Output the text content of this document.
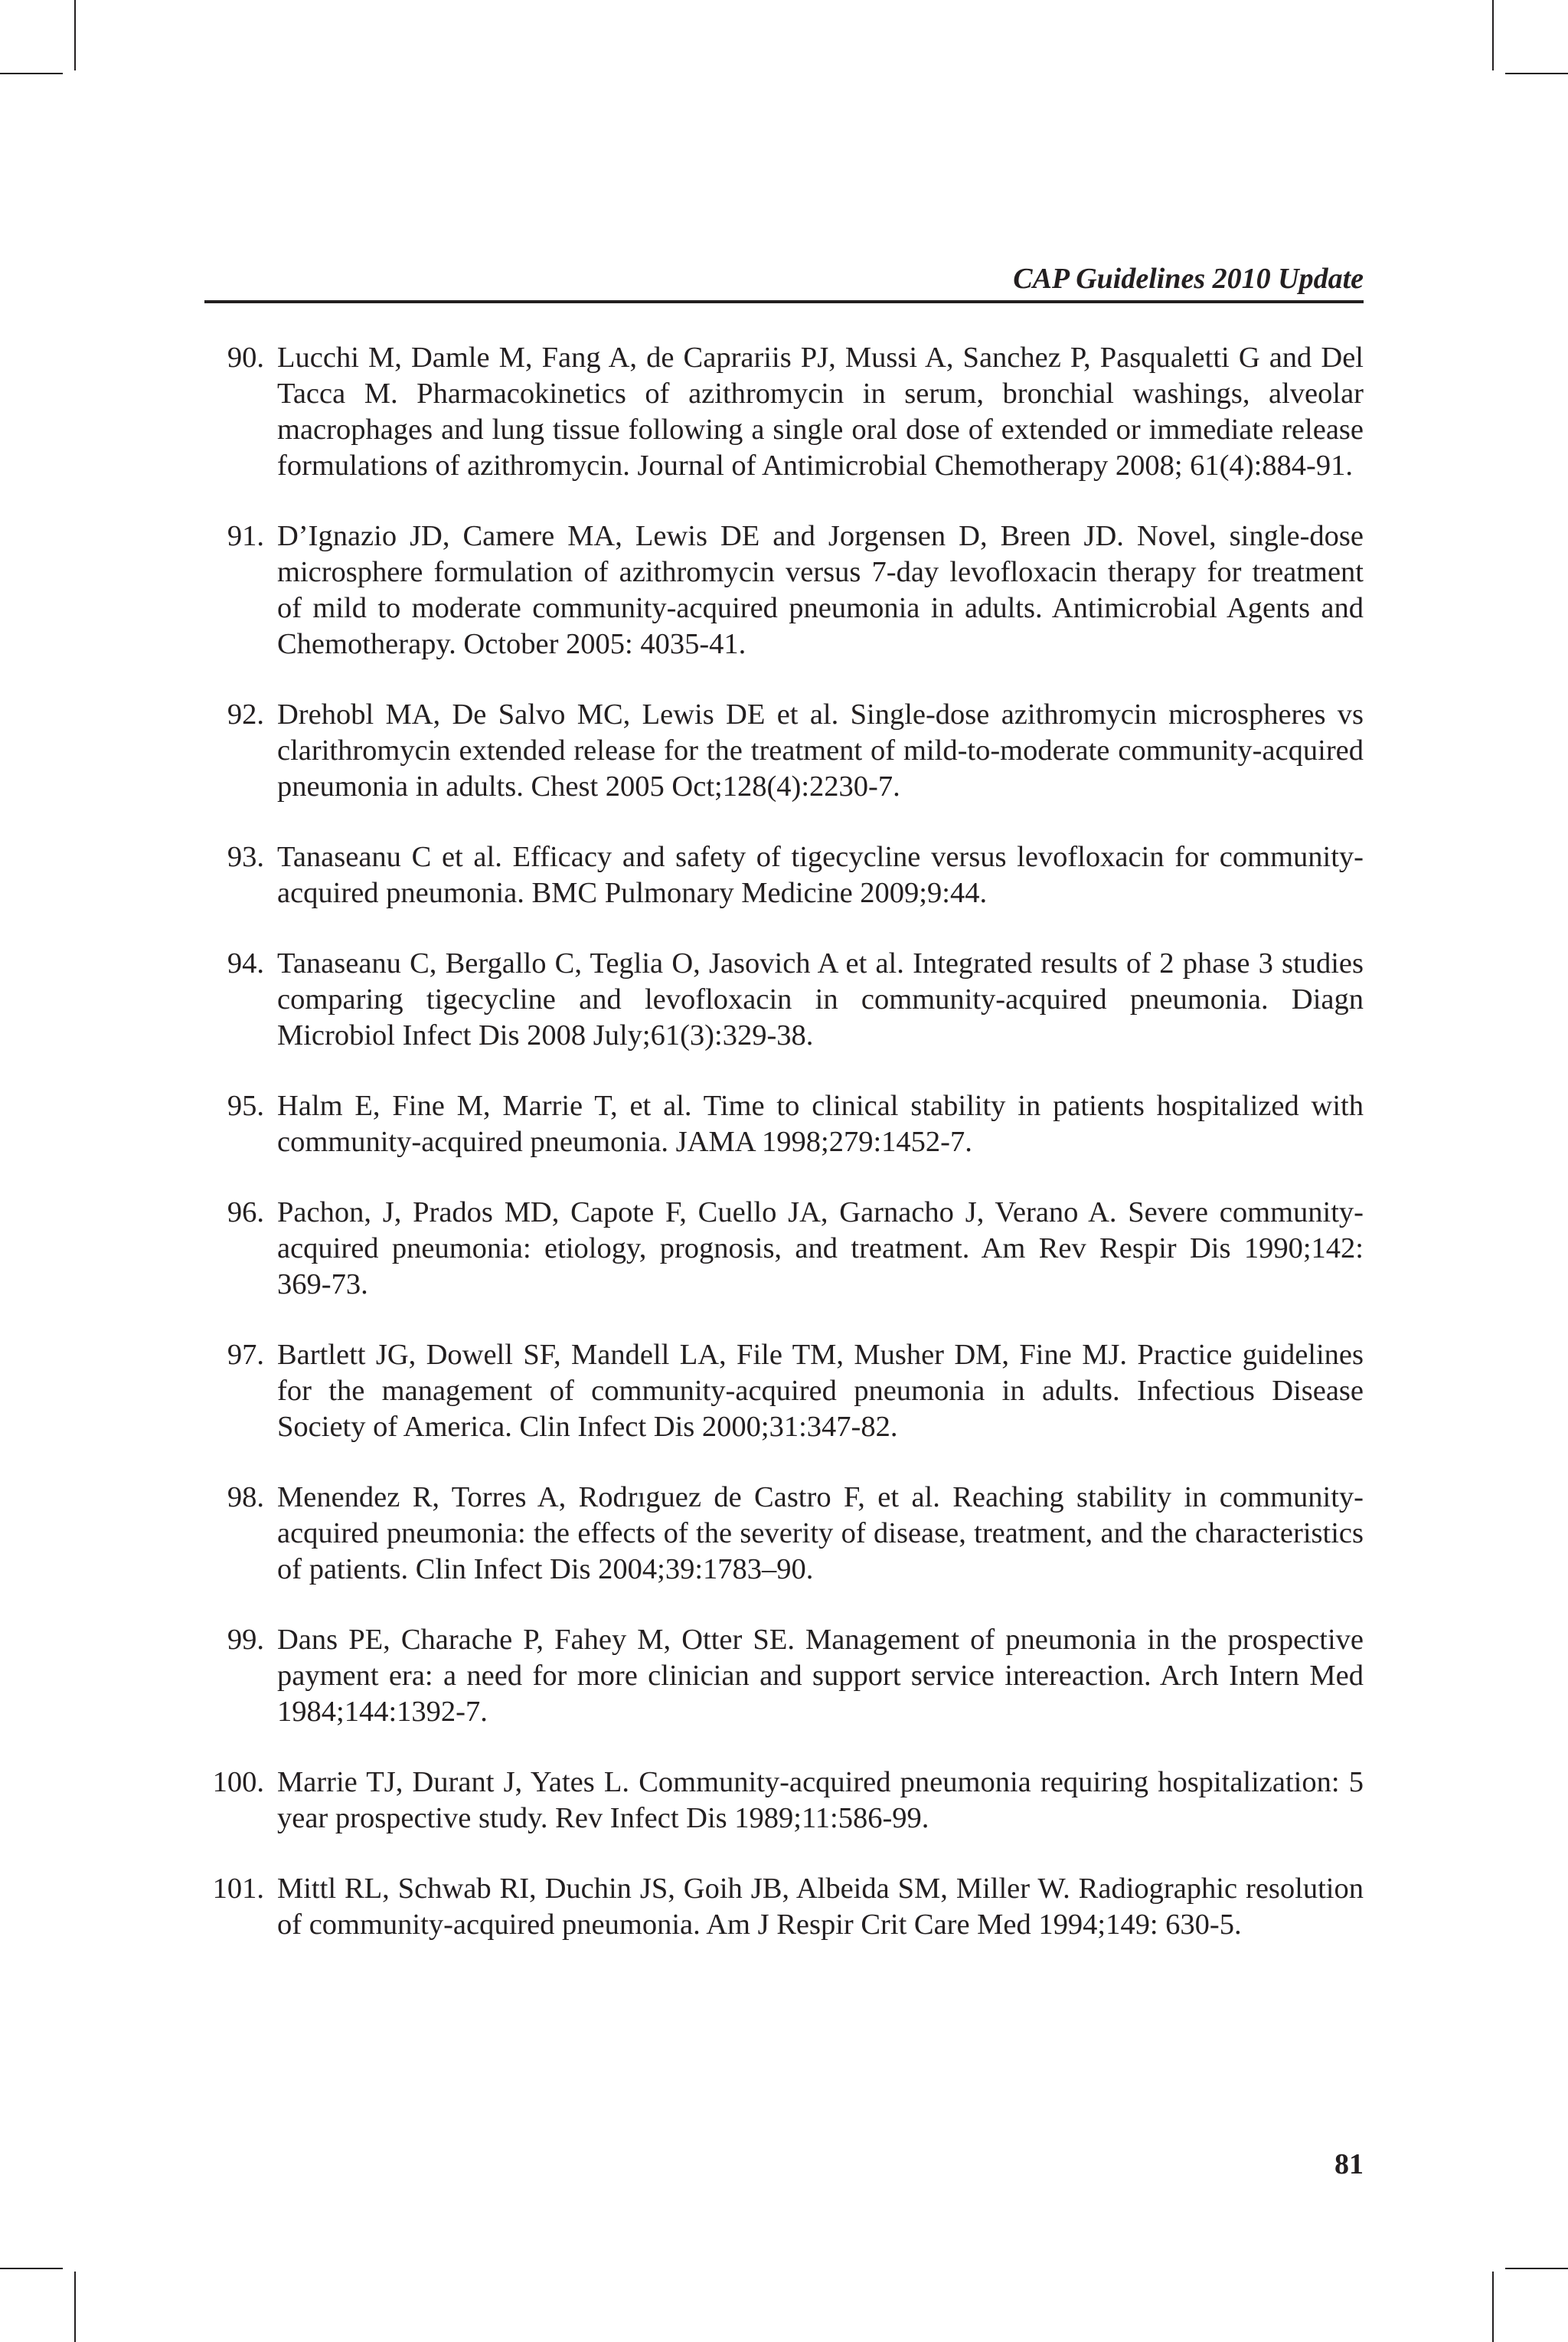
CAP Guidelines 2010 Update
90. Lucchi M, Damle M, Fang A, de Caprariis PJ, Mussi A, Sanchez P, Pasqualetti G and Del Tacca M. Pharmacokinetics of azithromycin in serum, bronchial washings, alveolar macrophages and lung tissue following a single oral dose of extended or immediate release formulations of azithromycin. Journal of Antimicrobial Chemotherapy 2008; 61(4):884-91.
91. D’Ignazio JD, Camere MA, Lewis DE and Jorgensen D, Breen JD. Novel, single-dose microsphere formulation of azithromycin versus 7-day levofloxacin therapy for treatment of mild to moderate community-acquired pneumonia in adults. Antimicrobial Agents and Chemotherapy. October 2005: 4035-41.
92. Drehobl MA, De Salvo MC, Lewis DE et al. Single-dose azithromycin microspheres vs clarithromycin extended release for the treatment of mild-to-moderate community-acquired pneumonia in adults. Chest 2005 Oct;128(4):2230-7.
93. Tanaseanu C et al. Efficacy and safety of tigecycline versus levofloxacin for community-acquired pneumonia. BMC Pulmonary Medicine 2009;9:44.
94. Tanaseanu C, Bergallo C, Teglia O, Jasovich A et al. Integrated results of 2 phase 3 studies comparing tigecycline and levofloxacin in community-acquired pneumonia. Diagn Microbiol Infect Dis 2008 July;61(3):329-38.
95. Halm E, Fine M, Marrie T, et al. Time to clinical stability in patients hospitalized with community-acquired pneumonia. JAMA 1998;279:1452-7.
96. Pachon, J, Prados MD, Capote F, Cuello JA, Garnacho J, Verano A. Severe community-acquired pneumonia: etiology, prognosis, and treatment. Am Rev Respir Dis 1990;142: 369-73.
97. Bartlett JG, Dowell SF, Mandell LA, File TM, Musher DM, Fine MJ. Practice guidelines for the management of community-acquired pneumonia in adults. Infectious Disease Society of America. Clin Infect Dis 2000;31:347-82.
98. Menendez R, Torres A, Rodrıguez de Castro F, et al. Reaching stability in community-acquired pneumonia: the effects of the severity of disease, treatment, and the characteristics of patients. Clin Infect Dis 2004;39:1783–90.
99. Dans PE, Charache P, Fahey M, Otter SE. Management of pneumonia in the prospective payment era: a need for more clinician and support service intereaction. Arch Intern Med 1984;144:1392-7.
100. Marrie TJ, Durant J, Yates L. Community-acquired pneumonia requiring hospitalization: 5 year prospective study. Rev Infect Dis 1989;11:586-99.
101. Mittl RL, Schwab RI, Duchin JS, Goih JB, Albeida SM, Miller W. Radiographic resolution of community-acquired pneumonia. Am J Respir Crit Care Med 1994;149: 630-5.
81
